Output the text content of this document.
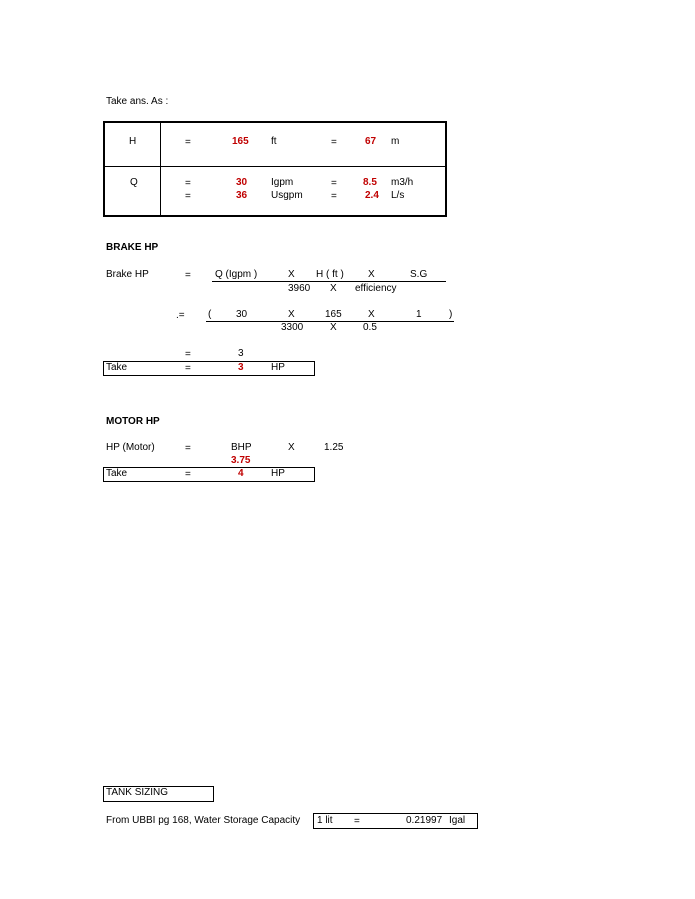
Take ans. As :
H	=	165 ft	=	67 m
Q	=	30 Igpm	=	8.5 m3/h
=	36 Usgpm	=	2.4 L/s
BRAKE HP
Brake HP	= Q (Igpm )	X H ( ft ) X	S.G
3960 X efficiency
.= ( 30	X	165	X	1	)
3300	X	0.5
=	3
Take	=	3	HP
MOTOR HP
HP (Motor)	=	BHP	X	1.25
3.75
Take	=	4	HP
TANK SIZING
From UBBI pg 168, Water Storage Capacity 1 lit =	0.21997 Igal
